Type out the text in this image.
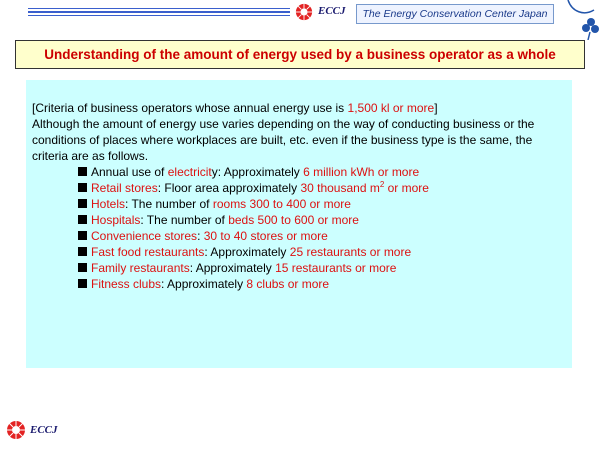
ECCJ	The Energy Conservation Center Japan
Understanding of the amount of energy used by a business operator as a whole
[Criteria of business operators whose annual energy use is 1,500 kl or more]
Although the amount of energy use varies depending on the way of conducting business or the conditions of places where workplaces are built, etc. even if the business type is the same, the criteria are as follows.
Annual use of electricity: Approximately 6 million kWh or more
Retail stores: Floor area approximately 30 thousand $m^2$ or more
Hotels: The number of rooms 300 to 400 or more
Hospitals: The number of beds 500 to 600 or more
Convenience stores: 30 to 40 stores or more
Fast food restaurants: Approximately 25 restaurants or more
Family restaurants: Approximately 15 restaurants or more
Fitness clubs: Approximately 8 clubs or more
ECCJ
